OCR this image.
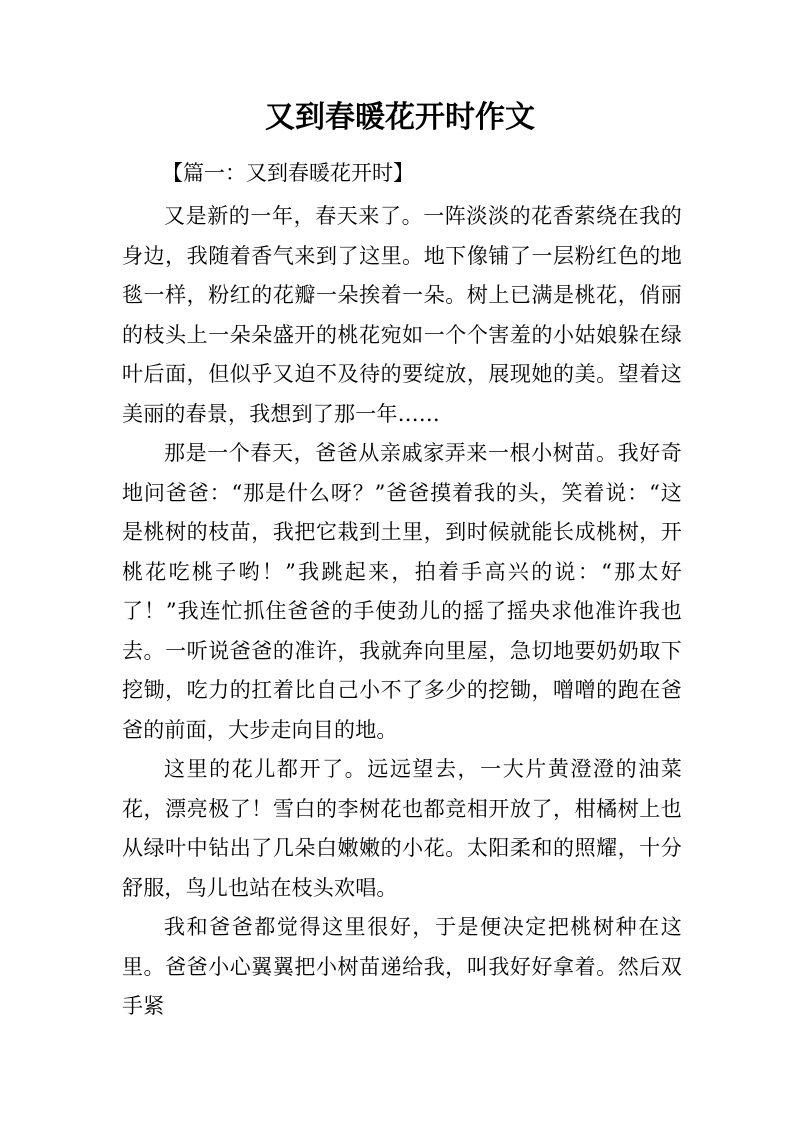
又到春暖花开时作文
【篇一：又到春暖花开时】

又是新的一年，春天来了。一阵淡淡的花香萦绕在我的身边，我随着香气来到了这里。地下像铺了一层粉红色的地毯一样，粉红的花瓣一朵挨着一朵。树上已满是桃花，俏丽的枝头上一朵朵盛开的桃花宛如一个个害羞的小姑娘躲在绿叶后面，但似乎又迫不及待的要绽放，展现她的美。望着这美丽的春景，我想到了那一年……

那是一个春天，爸爸从亲戚家弄来一根小树苗。我好奇地问爸爸：“那是什么呀？”爸爸摸着我的头，笑着说：“这是桃树的枝苗，我把它栽到土里，到时候就能长成桃树，开桃花吃桃子哟！”我跳起来，拍着手高兴的说：“那太好了！”我连忙抓住爸爸的手使劲儿的摇了摇央求他准许我也去。一听说爸爸的准许，我就奔向里屋，急切地要奶奶取下挖锄，吃力的扛着比自己小不了多少的挖锄，噌噌的跑在爸爸的前面，大步走向目的地。

这里的花儿都开了。远远望去，一大片黄澄澄的油菜花，漂亮极了！雪白的李树花也都竞相开放了，柑橘树上也从绿叶中钻出了几朵白嫩嫩的小花。太阳柔和的照耀，十分舒服，鸟儿也站在枝头欢唱。

我和爸爸都觉得这里很好，于是便决定把桃树种在这里。爸爸小心翼翼把小树苗递给我，叫我好好拿着。然后双手紧
